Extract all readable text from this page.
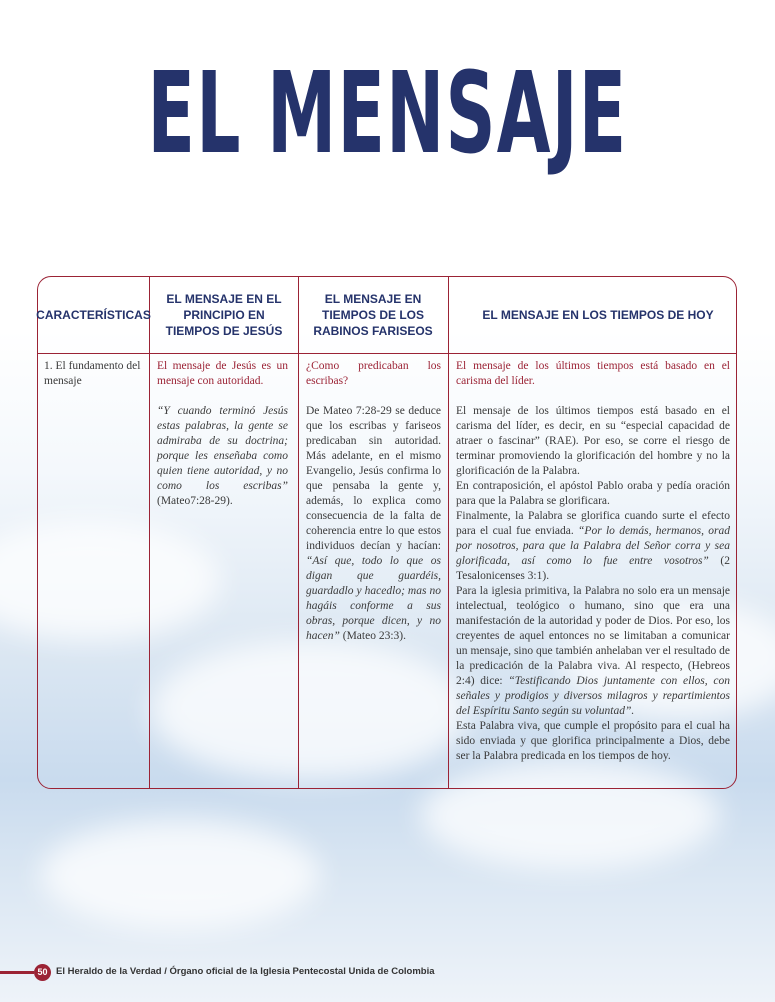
EL MENSAJE
CARACTERÍSTICAS
EL MENSAJE EN EL PRINCIPIO EN TIEMPOS DE JESÚS
EL MENSAJE EN TIEMPOS DE LOS RABINOS FARISEOS
EL MENSAJE EN LOS TIEMPOS DE HOY

1. El fundamento del mensaje

El mensaje de Jesús es un mensaje con autoridad.

“Y cuando terminó Jesús estas palabras, la gente se admiraba de su doctrina; porque les enseñaba como quien tiene autoridad, y no como los escribas” (Mateo7:28-29).

¿Como predicaban los escribas?

De Mateo 7:28-29 se deduce que los escribas y fariseos predicaban sin autoridad. Más adelante, en el mismo Evangelio, Jesús confirma lo que pensaba la gente y, además, lo explica como consecuencia de la falta de coherencia entre lo que estos individuos decían y hacían: “Así que, todo lo que os digan que guardéis, guardadlo y hacedlo; mas no hagáis conforme a sus obras, porque dicen, y no hacen” (Mateo 23:3).

El mensaje de los últimos tiempos está basado en el carisma del líder.

El mensaje de los últimos tiempos está basado en el carisma del líder, es decir, en su “especial capacidad de atraer o fascinar” (RAE). Por eso, se corre el riesgo de terminar promoviendo la glorificación del hombre y no la glorificación de la Palabra.

En contraposición, el apóstol Pablo oraba y pedía oración para que la Palabra se glorificara.

Finalmente, la Palabra se glorifica cuando surte el efecto para el cual fue enviada. “Por lo demás, hermanos, orad por nosotros, para que la Palabra del Señor corra y sea glorificada, así como lo fue entre vosotros” (2 Tesalonicenses 3:1).

Para la iglesia primitiva, la Palabra no solo era un mensaje intelectual, teológico o humano, sino que era una manifestación de la autoridad y poder de Dios. Por eso, los creyentes de aquel entonces no se limitaban a comunicar un mensaje, sino que también anhelaban ver el resultado de la predicación de la Palabra viva. Al respecto, (Hebreos 2:4) dice: “Testificando Dios juntamente con ellos, con señales y prodigios y diversos milagros y repartimientos del Espíritu Santo según su voluntad”.

Esta Palabra viva, que cumple el propósito para el cual ha sido enviada y que glorifica principalmente a Dios, debe ser la Palabra predicada en los tiempos de hoy.

50 El Heraldo de la Verdad / Órgano oficial de la Iglesia Pentecostal Unida de Colombia
